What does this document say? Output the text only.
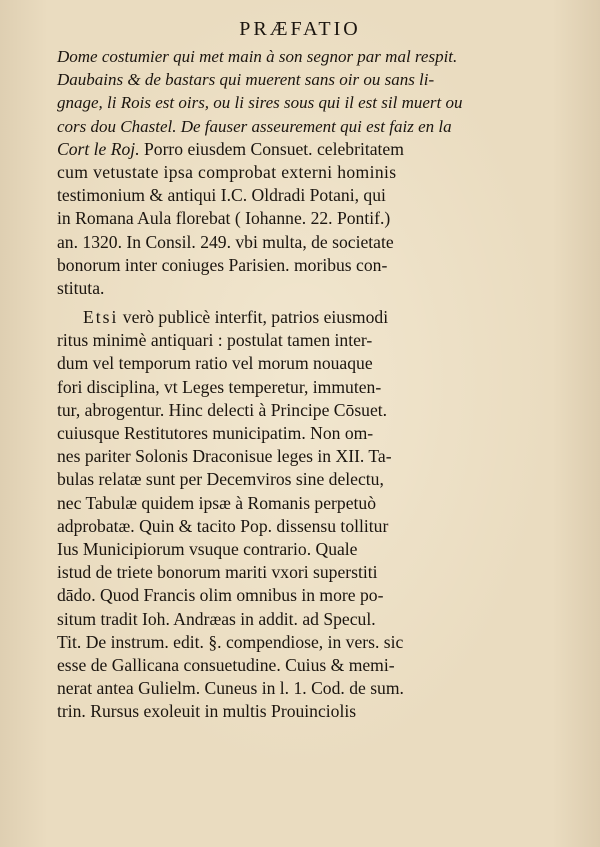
PRÆFATIO
Dome costumier qui met main à son segnor par mal respit.
Daubains & de bastars qui muerent sans oir ou sans li-
gnage, li Rois est oirs, ou li sires sous qui il est sil muert ou
cors dou Chastel. De fauser asseurement qui est faiz en la
Cort le Roj. Porro eiusdem Consuet. celebritatem
cum vetustate ipsa comprobat externi hominis
testimonium & antiqui I.C. Oldradi Potani, qui
in Romana Aula florebat ( Iohanne. 22. Pontif.)
an. 1320. In Consil. 249. vbi multa, de societate
bonorum inter coniuges Parisien. moribus con-
stituta.
Etsi verò publicè interfit, patrios eiusmodi
ritus minimè antiquari : postulat tamen inter-
dum vel temporum ratio vel morum nouaque
fori disciplina, vt Leges temperetur, immuten-
tur, abrogentur. Hinc delecti à Principe Cōsuet.
cuiusque Restitutores municipatim. Non om-
nes pariter Solonis Draconisue leges in XII. Ta-
bulas relatæ sunt per Decemviros sine delectu,
nec Tabulæ quidem ipsæ à Romanis perpetuò
adprobatæ. Quin & tacito Pop. dissensu tollitur
Ius Municipiorum vsuque contrario. Quale
istud de triete bonorum mariti vxori superstiti
dādo. Quod Francis olim omnibus in more po-
situm tradit Ioh. Andræas in addit. ad Specul.
Tit. De instrum. edit. §. compendiose, in vers. sic
esse de Gallicana consuetudine. Cuius & memi-
nerat antea Gulielm. Cuneus in l. 1. Cod. de sum.
trin. Rursus exoleuit in multis Prouinciolis
